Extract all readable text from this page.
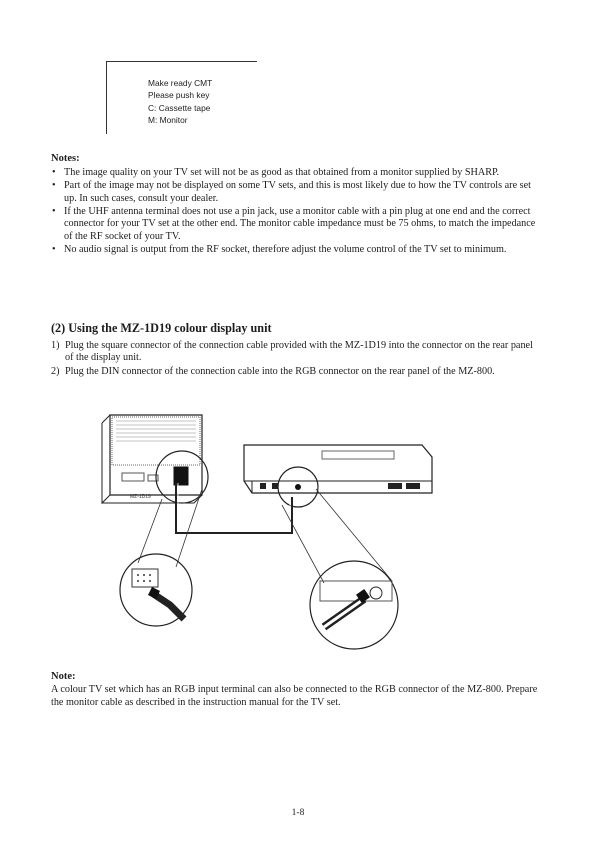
Make ready CMT
Please push key
C: Cassette tape
M: Monitor
Notes:
• The image quality on your TV set will not be as good as that obtained from a monitor supplied by SHARP.
• Part of the image may not be displayed on some TV sets, and this is most likely due to how the TV controls are set up. In such cases, consult your dealer.
• If the UHF antenna terminal does not use a pin jack, use a monitor cable with a pin plug at one end and the correct connector for your TV set at the other end. The monitor cable impedance must be 75 ohms, to match the impedance of the RF socket of your TV.
• No audio signal is output from the RF socket, therefore adjust the volume control of the TV set to minimum.
(2) Using the MZ-1D19 colour display unit
1) Plug the square connector of the connection cable provided with the MZ-1D19 into the connector on the rear panel of the display unit.
2) Plug the DIN connector of the connection cable into the RGB connector on the rear panel of the MZ-800.
MZ-1D19
Note:

A colour TV set which has an RGB input terminal can also be connected to the RGB connector of the MZ-800. Prepare the monitor cable as described in the instruction manual for the TV set.

1-8
